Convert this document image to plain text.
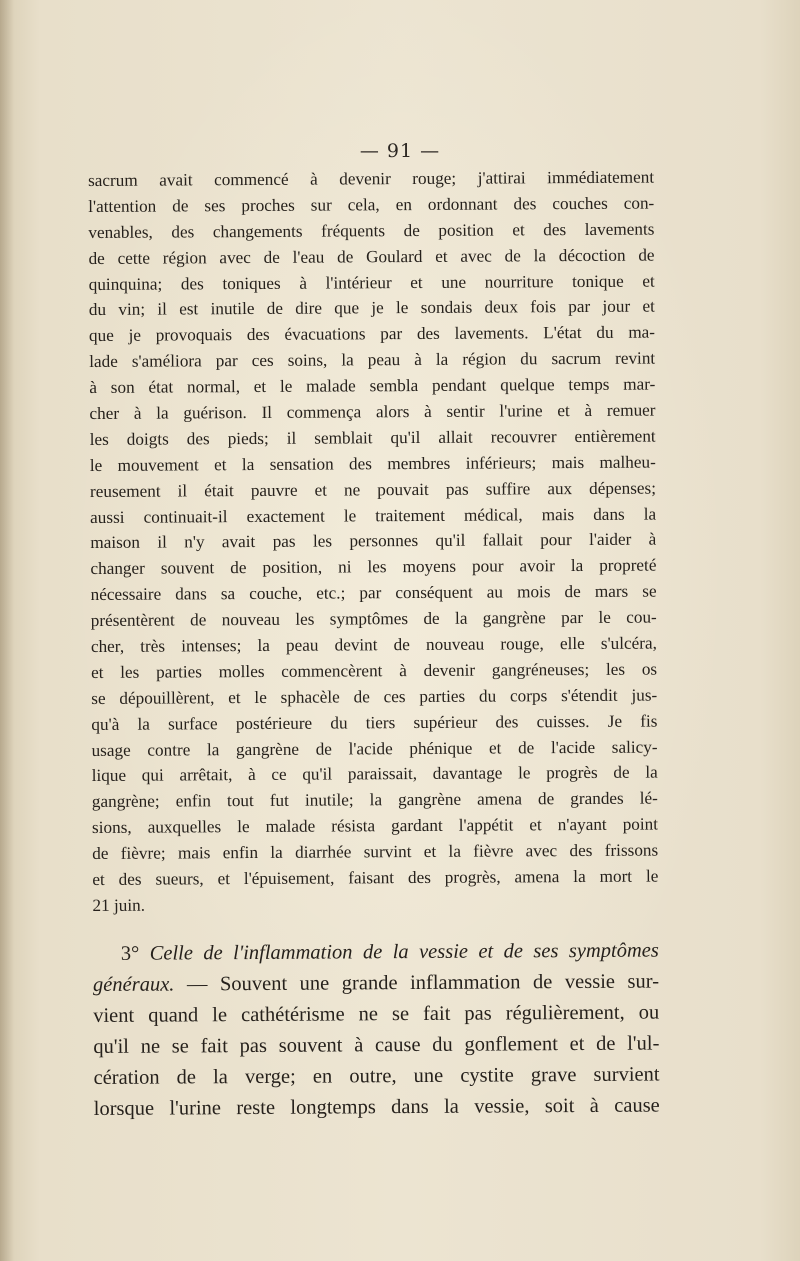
— 91 —
sacrum avait commencé à devenir rouge; j'attirai immédiatement
l'attention de ses proches sur cela, en ordonnant des couches con-
venables, des changements fréquents de position et des lavements
de cette région avec de l'eau de Goulard et avec de la décoction de
quinquina; des toniques à l'intérieur et une nourriture tonique et
du vin; il est inutile de dire que je le sondais deux fois par jour et
que je provoquais des évacuations par des lavements. L'état du ma-
lade s'améliora par ces soins, la peau à la région du sacrum revint
à son état normal, et le malade sembla pendant quelque temps mar-
cher à la guérison. Il commença alors à sentir l'urine et à remuer
les doigts des pieds; il semblait qu'il allait recouvrer entièrement
le mouvement et la sensation des membres inférieurs; mais malheu-
reusement il était pauvre et ne pouvait pas suffire aux dépenses;
aussi continuait-il exactement le traitement médical, mais dans la
maison il n'y avait pas les personnes qu'il fallait pour l'aider à
changer souvent de position, ni les moyens pour avoir la propreté
nécessaire dans sa couche, etc.; par conséquent au mois de mars se
présentèrent de nouveau les symptômes de la gangrène par le cou-
cher, très intenses; la peau devint de nouveau rouge, elle s'ulcéra,
et les parties molles commencèrent à devenir gangréneuses; les os
se dépouillèrent, et le sphacèle de ces parties du corps s'étendit jus-
qu'à la surface postérieure du tiers supérieur des cuisses. Je fis
usage contre la gangrène de l'acide phénique et de l'acide salicy-
lique qui arrêtait, à ce qu'il paraissait, davantage le progrès de la
gangrène; enfin tout fut inutile; la gangrène amena de grandes lé-
sions, auxquelles le malade résista gardant l'appétit et n'ayant point
de fièvre; mais enfin la diarrhée survint et la fièvre avec des frissons
et des sueurs, et l'épuisement, faisant des progrès, amena la mort le
21 juin.
3° Celle de l'inflammation de la vessie et de ses symptômes
généraux. — Souvent une grande inflammation de vessie sur-
vient quand le cathétérisme ne se fait pas régulièrement, ou
qu'il ne se fait pas souvent à cause du gonflement et de l'ul-
cération de la verge; en outre, une cystite grave survient
lorsque l'urine reste longtemps dans la vessie, soit à cause
